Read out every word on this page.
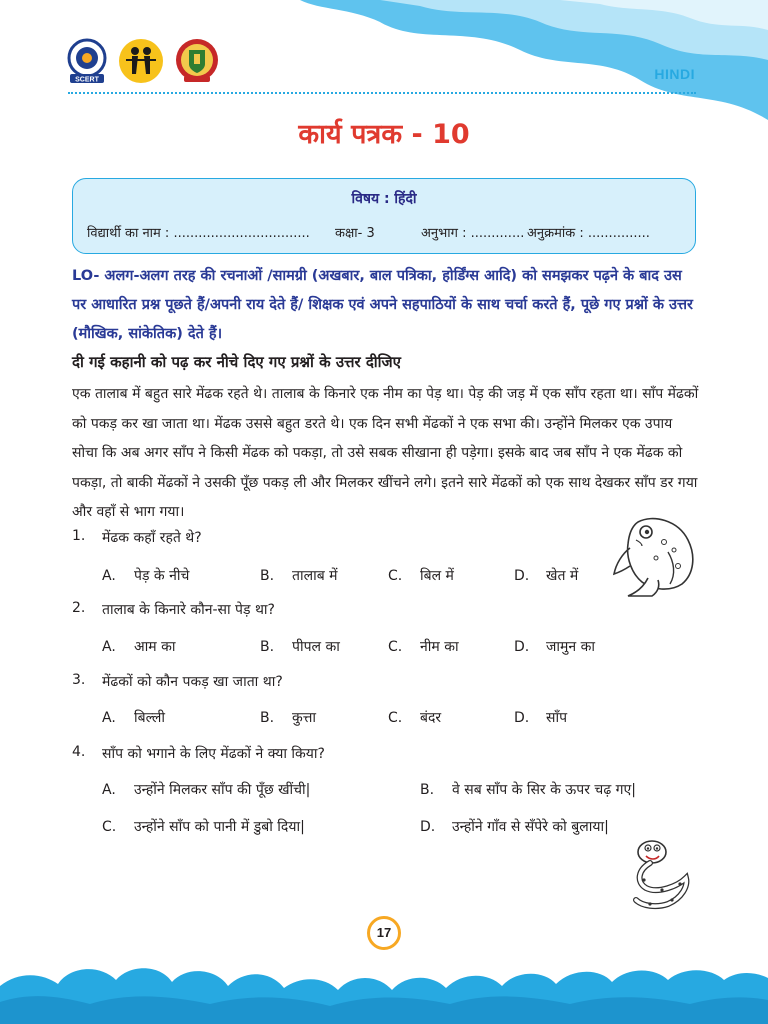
SCERT	HINDI
कार्य पत्रक - 10
विषय : हिंदी
विद्यार्थी का नाम : ................................. कक्षा- 3	अनुभाग : ............. अनुक्रमांक : ...............
LO- अलग-अलग तरह की रचनाओं /सामग्री (अखबार, बाल पत्रिका, होर्डिंग्स आदि) को समझकर पढ़ने के बाद उस पर आधारित प्रश्न पूछते हैं/अपनी राय देते हैं/ शिक्षक एवं अपने सहपाठियों के साथ चर्चा करते हैं, पूछे गए प्रश्नों के उत्तर (मौखिक, सांकेतिक) देते हैं।
दी गई कहानी को पढ़ कर नीचे दिए गए प्रश्नों के उत्तर दीजिए
एक तालाब में बहुत सारे मेंढक रहते थे। तालाब के किनारे एक नीम का पेड़ था। पेड़ की जड़ में एक साँप रहता था। साँप मेंढकों को पकड़ कर खा जाता था। मेंढक उससे बहुत डरते थे। एक दिन सभी मेंढकों ने एक सभा की। उन्होंने मिलकर एक उपाय सोचा कि अब अगर साँप ने किसी मेंढक को पकड़ा, तो उसे सबक सीखाना ही पड़ेगा। इसके बाद जब साँप ने एक मेंढक को पकड़ा, तो बाकी मेंढकों ने उसकी पूँछ पकड़ ली और मिलकर खींचने लगे। इतने सारे मेंढकों को एक साथ देखकर साँप डर गया और वहाँ से भाग गया।
1. मेंढक कहाँ रहते थे?
A. पेड़ के नीचे	B. तालाब में	C. बिल में	D. खेत में
2. तालाब के किनारे कौन-सा पेड़ था?
A. आम का	B. पीपल का	C. नीम का	D. जामुन का
3. मेंढकों को कौन पकड़ खा जाता था?
A. बिल्ली	B. कुत्ता	C. बंदर	D. साँप
4. साँप को भगाने के लिए मेंढकों ने क्या किया?
A. उन्होंने मिलकर साँप की पूँछ खींची|	B. वे सब साँप के सिर के ऊपर चढ़ गए|
C. उन्होंने साँप को पानी में डुबो दिया|	D. उन्होंने गाँव से सँपेरे को बुलाया|
17
